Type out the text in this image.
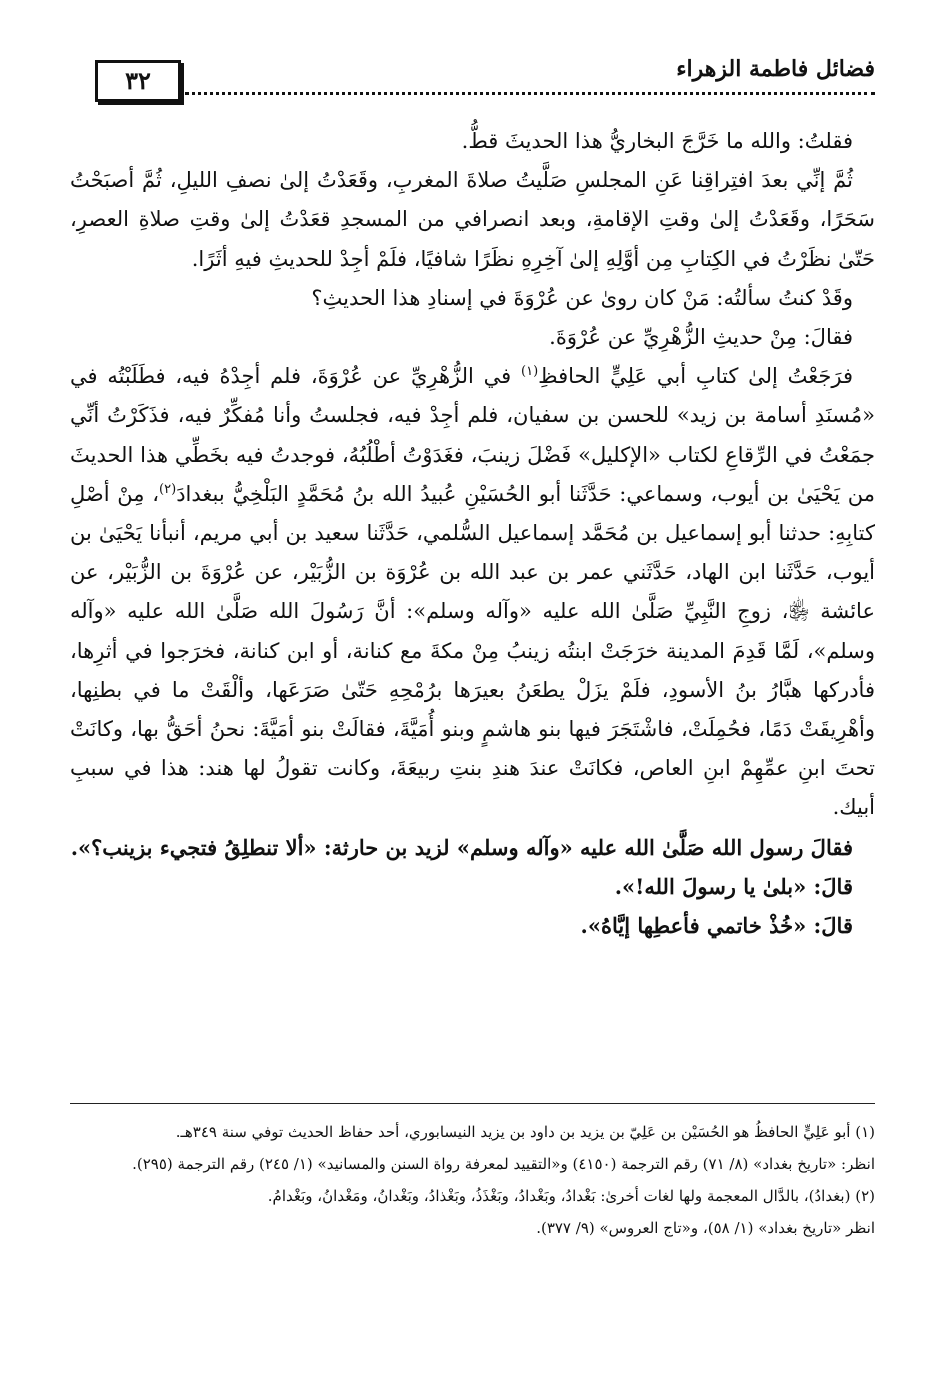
٣٢	فضائل فاطمة الزهراء

فقلتُ: والله ما خَرَّجَ البخاريُّ هذا الحديثَ قطُّ.

ثُمَّ إنِّي بعدَ افتِراقِنا عَنِ المجلسِ صَلَّيتُ صلاةَ المغربِ، وقَعَدْتُ إلىٰ نصفِ الليلِ، ثُمَّ أصبَحْتُ سَحَرًا، وقَعَدْتُ إلىٰ وقتِ الإقامةِ، وبعد انصرافي من المسجدِ قعَدْتُ إلىٰ وقتِ صلاةِ العصرِ، حَتّىٰ نظَرْتُ في الكِتابِ مِن أوَّلِهِ إلىٰ آخِرِهِ نظَرًا شافيًا، فلَمْ أجِدْ للحديثِ فيهِ أثَرًا.

وقَدْ كنتُ سألتُه: مَنْ كان روىٰ عن عُرْوَةَ في إسنادِ هذا الحديثِ؟

فقالَ: مِنْ حديثِ الزُّهْرِيِّ عن عُرْوَةَ.

فرَجَعْتُ إلىٰ كتابِ أبي عَلِيٍّ الحافظِ$^{(١)}$ في الزُّهْرِيِّ عن عُرْوَةَ، فلم أجِدْهُ فيه، فطَلَبْتُه في «مُسنَدِ أسامة بن زيد» للحسن بن سفيان، فلم أجِدْ فيه، فجلستُ وأنا مُفكِّرٌ فيه، فذَكَرْتُ أنِّي جمَعْتُ في الرِّقاعِ لكتاب «الإكليل» فَضْلَ زينبَ، فغَدَوْتُ أطْلُبُهُ، فوجدتُ فيه بخَطِّي هذا الحديثَ من يَحْيَىٰ بن أيوب، وسماعي: حَدَّثَنا أبو الحُسَيْنِ عُبيدُ الله بنُ مُحَمَّدٍ البَلْخِيُّ ببغدادَ$^{(٢)}$، مِنْ أصْلِ كتابِهِ: حدثنا أبو إسماعيل بن مُحَمَّد إسماعيل السُّلمي، حَدَّثَنا سعيد بن أبي مريم، أنبأنا يَحْيَىٰ بن أيوب، حَدَّثَنا ابن الهاد، حَدَّثَني عمر بن عبد الله بن عُرْوَة بن الزُّبَيْر، عن عُرْوَةَ بن الزُّبَيْر، عن عائشة ﵂، زوجِ النَّبِيِّ صَلَّىٰ الله عليه «وآله وسلم»: أنَّ رَسُولَ الله صَلَّىٰ الله عليه «وآله وسلم»، لَمَّا قَدِمَ المدينة خرَجَتْ ابنتُه زينبُ مِنْ مكةَ مع كنانة، أو ابن كنانة، فخرَجوا في أثرِها، فأدركها هبَّارُ بنُ الأسودِ، فلَمْ يزَلْ يطعَنُ بعيرَها برُمْحِهِ حَتّىٰ صَرَعَها، وألْقَتْ ما في بطنِها، وأهْرِيقَتْ دَمًا، فحُمِلَتْ، فاشْتَجَرَ فيها بنو هاشمٍ وبنو أُمَيَّةَ، فقالَتْ بنو أمَيَّةَ: نحنُ أحَقُّ بها، وكانَتْ تحتَ ابنِ عمِّهِمْ ابنِ العاص، فكانَتْ عندَ هندِ بنتِ ربيعَةَ، وكانت تقولُ لها هند: هذا في سببِ أبيك.

فقالَ رسول الله صَلَّىٰ الله عليه «وآله وسلم» لزيد بن حارثة: «ألا تنطلِقُ فتجيء بزينب؟».

قالَ: «بلىٰ يا رسولَ الله!».

قالَ: «خُذْ خاتمي فأعطِها إيَّاهُ».

(١) أبو عَلِيٍّ الحافظُ هو الحُسَيْن بن عَلِيّ بن يزيد بن داود بن يزيد النيسابوري، أحد حفاظ الحديث توفي سنة ٣٤٩هـ.

انظر: «تاريخ بغداد» (٨/ ٧١) رقم الترجمة (٤١٥٠) و«التقييد لمعرفة رواة السنن والمسانيد» (١/ ٢٤٥) رقم الترجمة (٢٩٥).

(٢) (بغدادُ)، بالدَّال المعجمة ولها لغات أخرىٰ: بَغْدادُ، وبَغْدادُ، وبَغْذَذُ، وبَغْذادُ، وبَغْدانُ، ومَغْدانُ، وبَغْدامُ.

انظر «تاريخ بغداد» (١/ ٥٨)، و«تاج العروس» (٩/ ٣٧٧).
